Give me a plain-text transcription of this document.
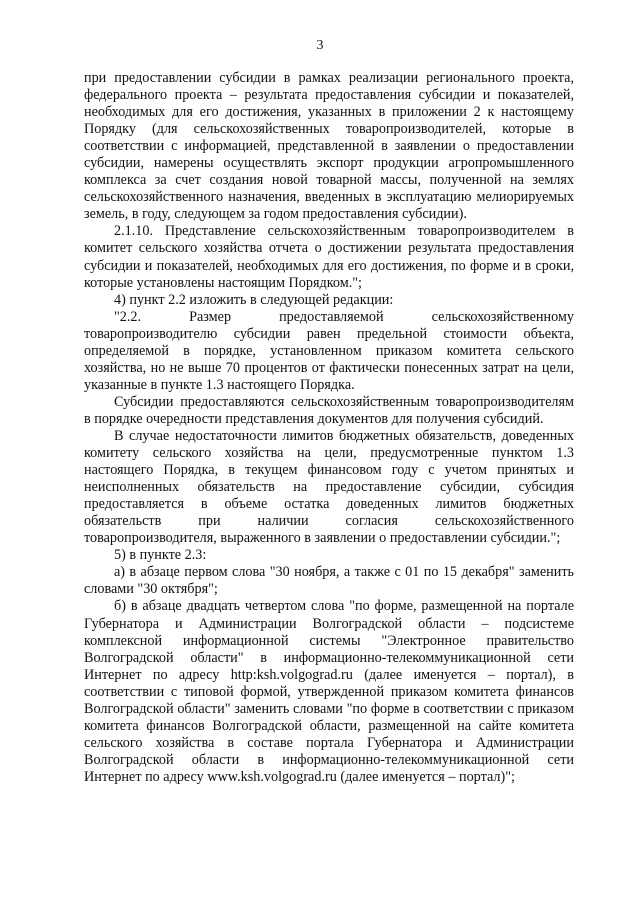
3

при предоставлении субсидии в рамках реализации регионального проекта, федерального проекта – результата предоставления субсидии и показателей, необходимых для его достижения, указанных в приложении 2 к настоящему Порядку (для сельскохозяйственных товаропроизводителей, которые в соответствии с информацией, представленной в заявлении о предоставлении субсидии, намерены осуществлять экспорт продукции агропромышленного комплекса за счет создания новой товарной массы, полученной на землях сельскохозяйственного назначения, введенных в эксплуатацию мелиорируемых земель, в году, следующем за годом предоставления субсидии).

2.1.10. Представление сельскохозяйственным товаропроизводителем в комитет сельского хозяйства отчета о достижении результата предоставления субсидии и показателей, необходимых для его достижения, по форме и в сроки, которые установлены настоящим Порядком.";

4) пункт 2.2 изложить в следующей редакции:

"2.2. Размер предоставляемой сельскохозяйственному товаропроизводителю субсидии равен предельной стоимости объекта, определяемой в порядке, установленном приказом комитета сельского хозяйства, но не выше 70 процентов от фактически понесенных затрат на цели, указанные в пункте 1.3 настоящего Порядка.

Субсидии предоставляются сельскохозяйственным товаропроизводителям в порядке очередности представления документов для получения субсидий.

В случае недостаточности лимитов бюджетных обязательств, доведенных комитету сельского хозяйства на цели, предусмотренные пунктом 1.3 настоящего Порядка, в текущем финансовом году с учетом принятых и неисполненных обязательств на предоставление субсидии, субсидия предоставляется в объеме остатка доведенных лимитов бюджетных обязательств при наличии согласия сельскохозяйственного товаропроизводителя, выраженного в заявлении о предоставлении субсидии.";

5) в пункте 2.3:

а) в абзаце первом слова "30 ноября, а также с 01 по 15 декабря" заменить словами "30 октября";

б) в абзаце двадцать четвертом слова "по форме, размещенной на портале Губернатора и Администрации Волгоградской области – подсистеме комплексной информационной системы "Электронное правительство Волгоградской области" в информационно-телекоммуникационной сети Интернет по адресу http:ksh.volgograd.ru (далее именуется – портал), в соответствии с типовой формой, утвержденной приказом комитета финансов Волгоградской области" заменить словами "по форме в соответствии с приказом комитета финансов Волгоградской области, размещенной на сайте комитета сельского хозяйства в составе портала Губернатора и Администрации Волгоградской области в информационно-телекоммуникационной сети Интернет по адресу www.ksh.volgograd.ru (далее именуется – портал)";
